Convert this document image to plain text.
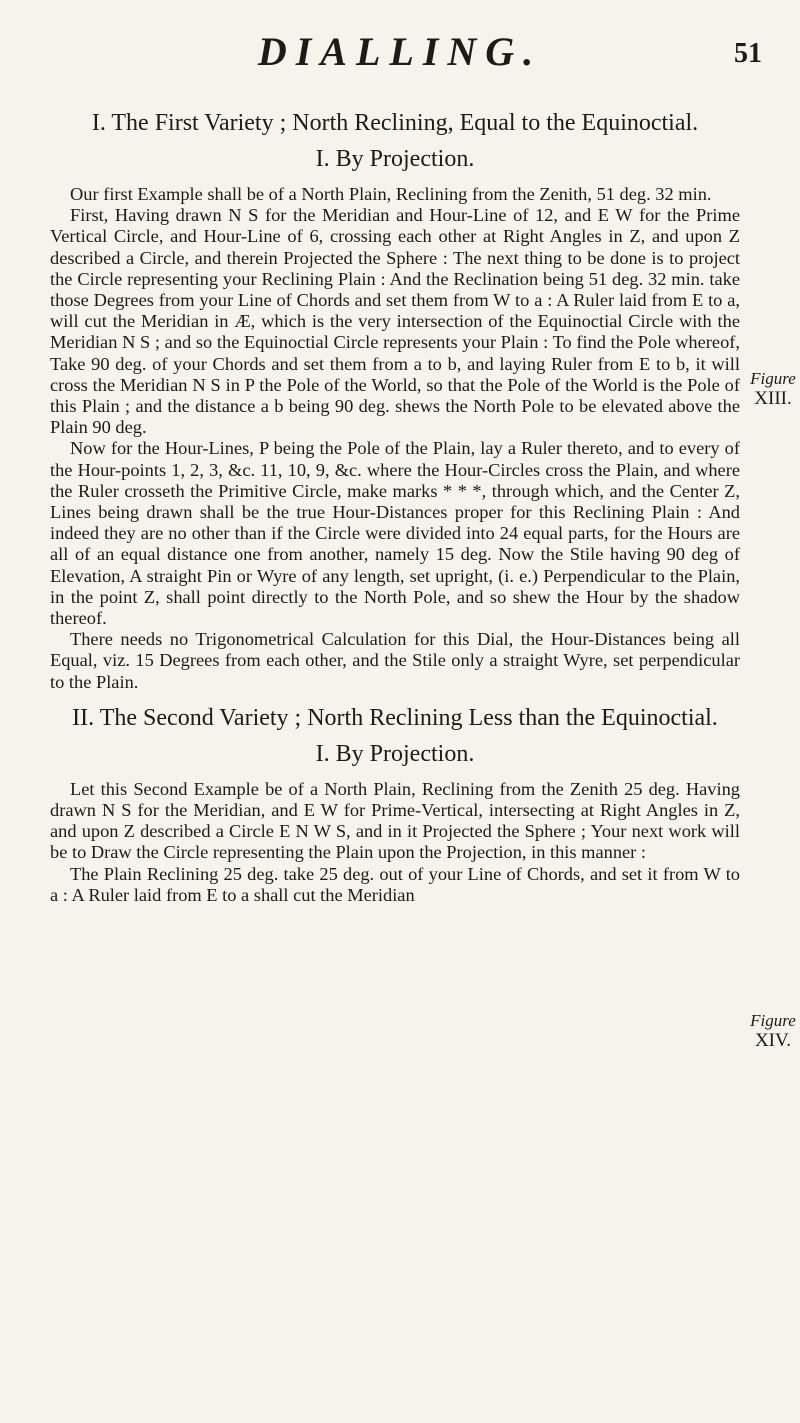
DIALLING.	51
Figure
XIII.
Figure
XIV.

I. The First Variety ; North Reclining, Equal to the Equinoctial.

I. By Projection.

Our first Example shall be of a North Plain, Reclining from the Zenith, 51 deg. 32 min.

First, Having drawn N S for the Meridian and Hour-Line of 12, and E W for the Prime Vertical Circle, and Hour-Line of 6, crossing each other at Right Angles in Z, and upon Z described a Circle, and therein Projected the Sphere : The next thing to be done is to project the Circle representing your Reclining Plain : And the Reclination being 51 deg. 32 min. take those Degrees from your Line of Chords and set them from W to a : A Ruler laid from E to a, will cut the Meridian in Æ, which is the very intersection of the Equinoctial Circle with the Meridian N S ; and so the Equinoctial Circle represents your Plain : To find the Pole whereof, Take 90 deg. of your Chords and set them from a to b, and laying Ruler from E to b, it will cross the Meridian N S in P the Pole of the World, so that the Pole of the World is the Pole of this Plain ; and the distance a b being 90 deg. shews the North Pole to be elevated above the Plain 90 deg.

Now for the Hour-Lines, P being the Pole of the Plain, lay a Ruler thereto, and to every of the Hour-points 1, 2, 3, &c. 11, 10, 9, &c. where the Hour-Circles cross the Plain, and where the Ruler crosseth the Primitive Circle, make marks * * *, through which, and the Center Z, Lines being drawn shall be the true Hour-Distances proper for this Reclining Plain : And indeed they are no other than if the Circle were divided into 24 equal parts, for the Hours are all of an equal distance one from another, namely 15 deg. Now the Stile having 90 deg of Elevation, A straight Pin or Wyre of any length, set upright, (i. e.) Perpendicular to the Plain, in the point Z, shall point directly to the North Pole, and so shew the Hour by the shadow thereof.

There needs no Trigonometrical Calculation for this Dial, the Hour-Distances being all Equal, viz. 15 Degrees from each other, and the Stile only a straight Wyre, set perpendicular to the Plain.

II. The Second Variety ; North Reclining Less than the Equinoctial.

I. By Projection.

Let this Second Example be of a North Plain, Reclining from the Zenith 25 deg. Having drawn N S for the Meridian, and E W for Prime-Vertical, intersecting at Right Angles in Z, and upon Z described a Circle E N W S, and in it Projected the Sphere ; Your next work will be to Draw the Circle representing the Plain upon the Projection, in this manner :

The Plain Reclining 25 deg. take 25 deg. out of your Line of Chords, and set it from W to a : A Ruler laid from E to a shall cut the Meridian
